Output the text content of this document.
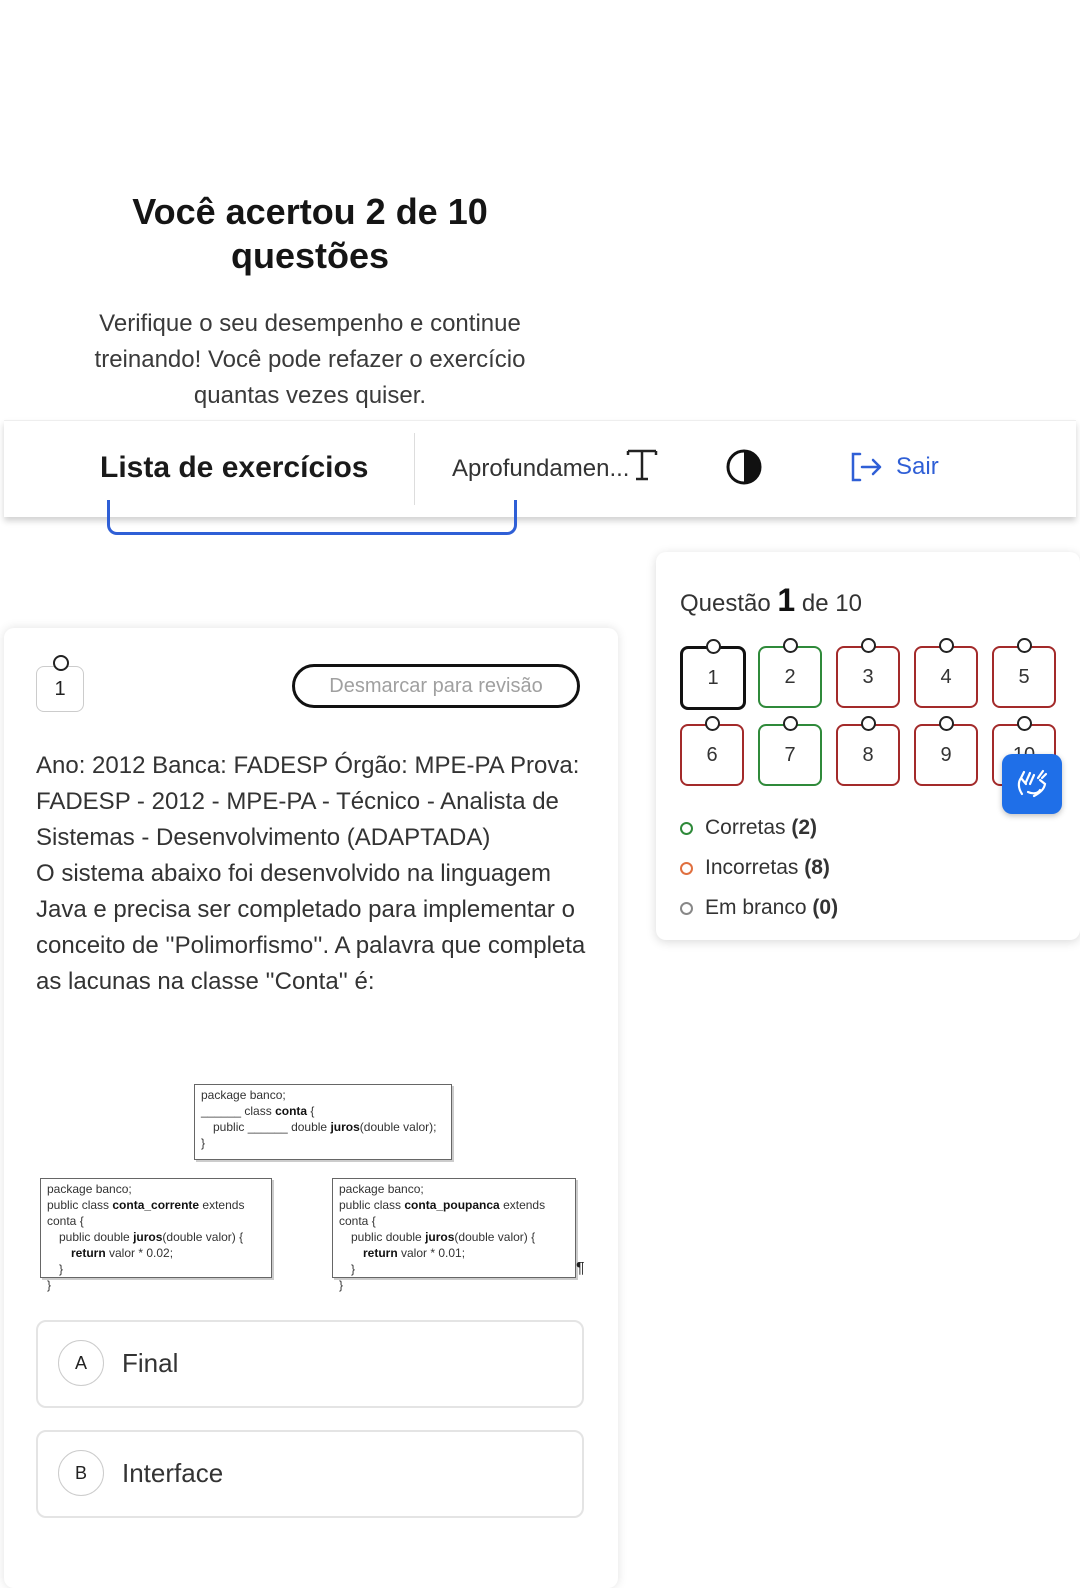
Você acertou 2 de 10 questões

Verifique o seu desempenho e continue treinando! Você pode refazer o exercício quantas vezes quiser.

Lista de exercícios	Aprofundamen...	Sair
1	Desmarcar para revisão

Ano: 2012 Banca: FADESP Órgão: MPE-PA Prova: FADESP - 2012 - MPE-PA - Técnico - Analista de Sistemas - Desenvolvimento (ADAPTADA)

O sistema abaixo foi desenvolvido na linguagem Java e precisa ser completado para implementar o conceito de ''Polimorfismo''. A palavra que completa as lacunas na classe ''Conta'' é:

package banco;
______ class conta {
public ______ double juros(double valor);
}
package banco;
public class conta_corrente extends conta {
public double juros(double valor) {
return valor * 0.02;
}
}
package banco;
public class conta_poupanca extends conta {
public double juros(double valor) {
return valor * 0.01;
}
}
¶
A	Final
B	Interface
Questão 1 de 10
1	2	3	4	5
6	7	8	9
Corretas (2)
Incorretas (8)
Em branco (0)
